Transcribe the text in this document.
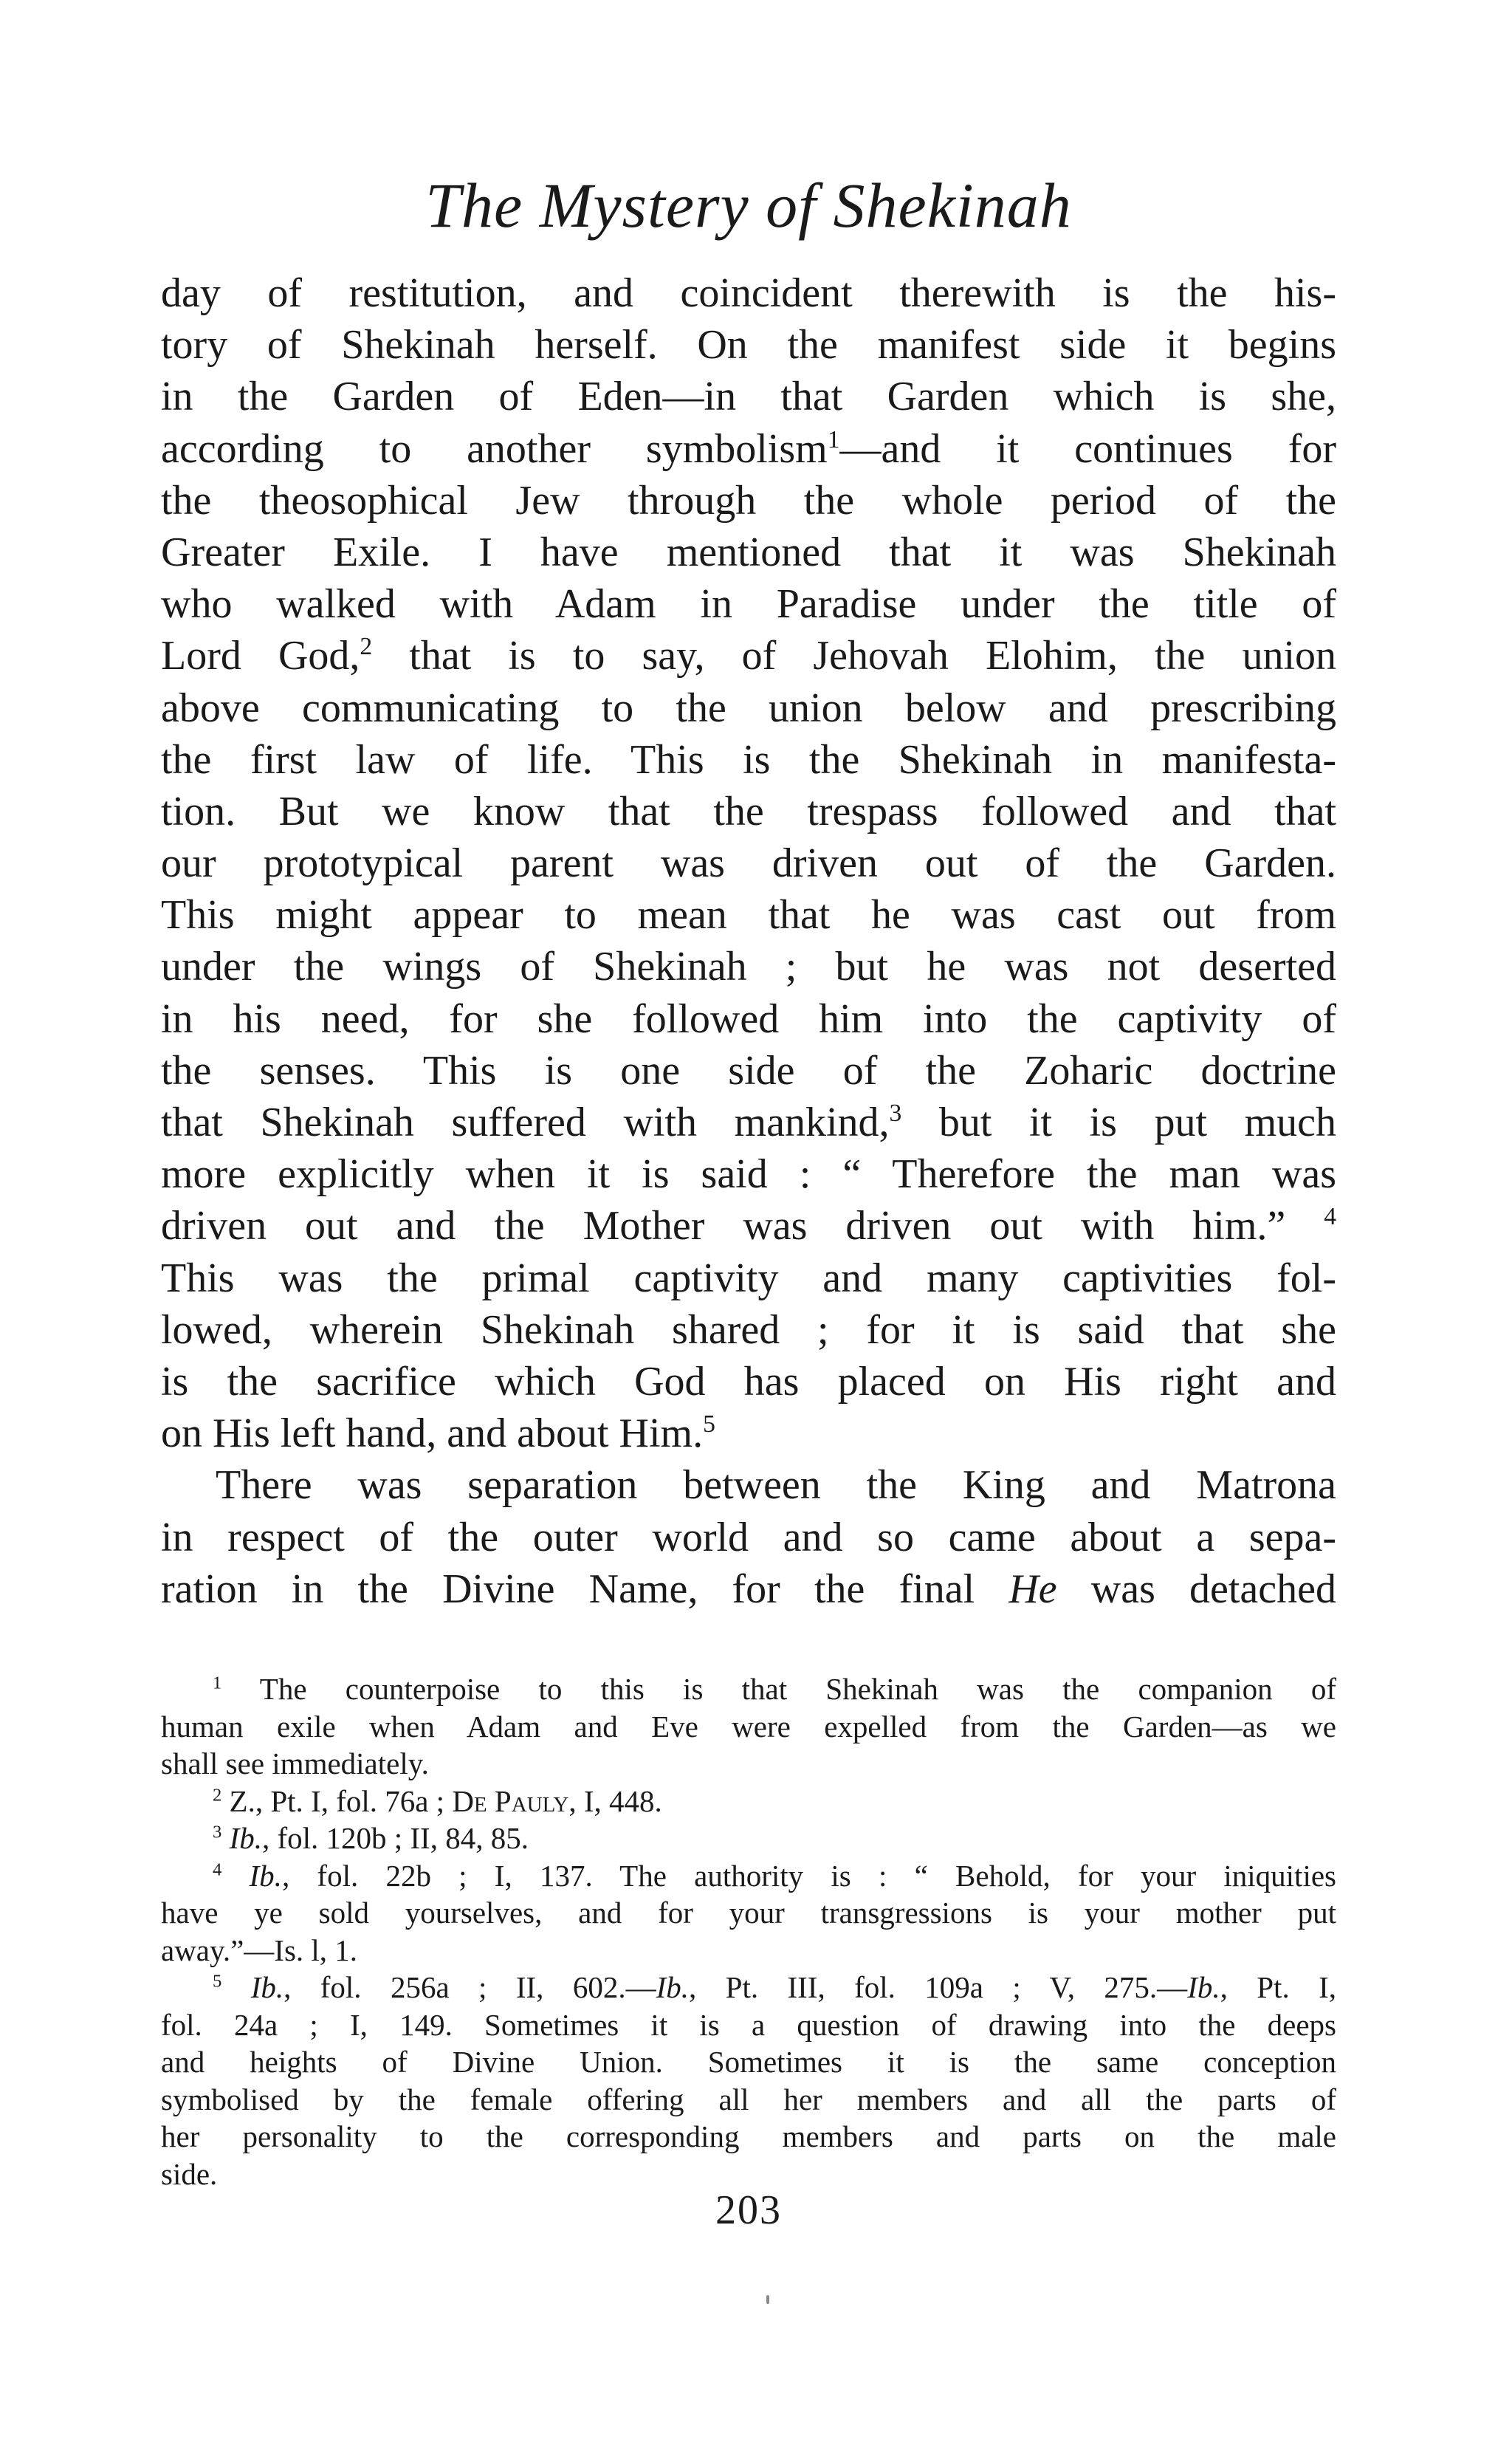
The Mystery of Shekinah
day of restitution, and coincident therewith is the his-
tory of Shekinah herself. On the manifest side it begins
in the Garden of Eden—in that Garden which is she,
according to another symbolism$^1$—and it continues for
the theosophical Jew through the whole period of the
Greater Exile. I have mentioned that it was Shekinah
who walked with Adam in Paradise under the title of
Lord God,$^2$ that is to say, of Jehovah Elohim, the union
above communicating to the union below and prescribing
the first law of life. This is the Shekinah in manifesta-
tion. But we know that the trespass followed and that
our prototypical parent was driven out of the Garden.
This might appear to mean that he was cast out from
under the wings of Shekinah ; but he was not deserted
in his need, for she followed him into the captivity of
the senses. This is one side of the Zoharic doctrine
that Shekinah suffered with mankind,$^3$ but it is put much
more explicitly when it is said : “ Therefore the man was
driven out and the Mother was driven out with him.” $^4$
This was the primal captivity and many captivities fol-
lowed, wherein Shekinah shared ; for it is said that she
is the sacrifice which God has placed on His right and
on His left hand, and about Him.$^5$
There was separation between the King and Matrona
in respect of the outer world and so came about a sepa-
ration in the Divine Name, for the final He was detached
$^1$ The counterpoise to this is that Shekinah was the companion of
human exile when Adam and Eve were expelled from the Garden—as we
shall see immediately.
$^2$ Z., Pt. I, fol. 76a ; De Pauly, I, 448.
$^3$ Ib., fol. 120b ; II, 84, 85.
$^4$ Ib., fol. 22b ; I, 137. The authority is : “ Behold, for your iniquities
have ye sold yourselves, and for your transgressions is your mother put
away.”—Is. l, 1.
$^5$ Ib., fol. 256a ; II, 602.—Ib., Pt. III, fol. 109a ; V, 275.—Ib., Pt. I,
fol. 24a ; I, 149. Sometimes it is a question of drawing into the deeps
and heights of Divine Union. Sometimes it is the same conception
symbolised by the female offering all her members and all the parts of
her personality to the corresponding members and parts on the male
side.
203
